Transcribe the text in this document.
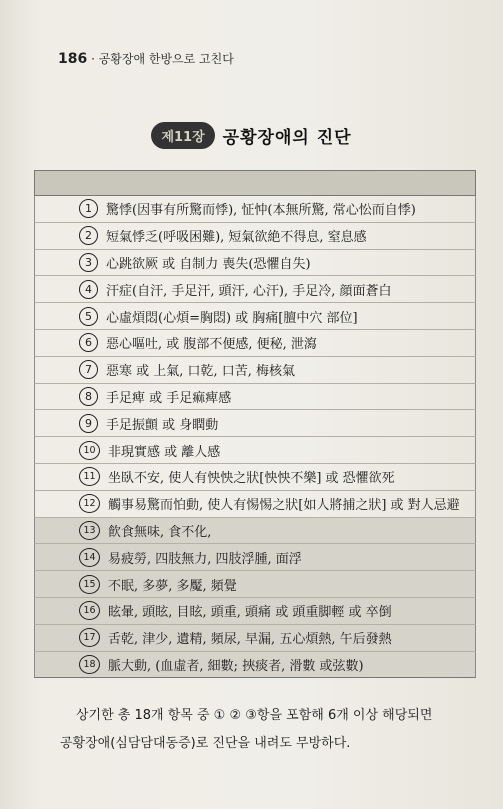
186 · 공황장애 한방으로 고친다
제11장	공황장애의 진단
1	驚悸(因事有所驚而悸), 怔忡(本無所驚, 常心忪而自悸)
2	短氣悸乏(呼吸困難), 短氣欲絶不得息, 窒息感
3	心跳欲厥 或 自制力 喪失(恐懼自失)
4	汗症(自汗, 手足汗, 頭汗, 心汗), 手足冷, 顔面蒼白
5	心虛煩悶(心煩=胸悶) 或 胸痛[膻中穴 部位]
6	惡心嘔吐, 或 腹部不便感, 便秘, 泄瀉
7	惡寒 或 上氣, 口乾, 口苦, 梅核氣
8	手足痺 或 手足痲痺感
9	手足振顫 或 身瞤動
10 非現實感 或 離人感
11 坐臥不安, 使人有怏怏之狀[怏怏不樂] 或 恐懼欲死
12 觸事易驚而怕動, 使人有惕惕之狀[如人將捕之狀] 或 對人忌避
13 飮食無味, 食不化,
14 易疲勞, 四肢無力, 四肢浮腫, 面浮
15 不眠, 多夢, 多魘, 頻覺
16 眩暈, 頭眩, 目眩, 頭重, 頭痛 或 頭重脚輕 或 卒倒
17 舌乾, 津少, 遺精, 頻尿, 早漏, 五心煩熱, 午后發熱
18 脈大動, (血虛者, 細數; 挾痰者, 滑數 或弦數)
상기한 총 18개 항목 중 ① ② ③항을 포함해 6개 이상 해당되면
공황장애(심담담대동증)로 진단을 내려도 무방하다.
